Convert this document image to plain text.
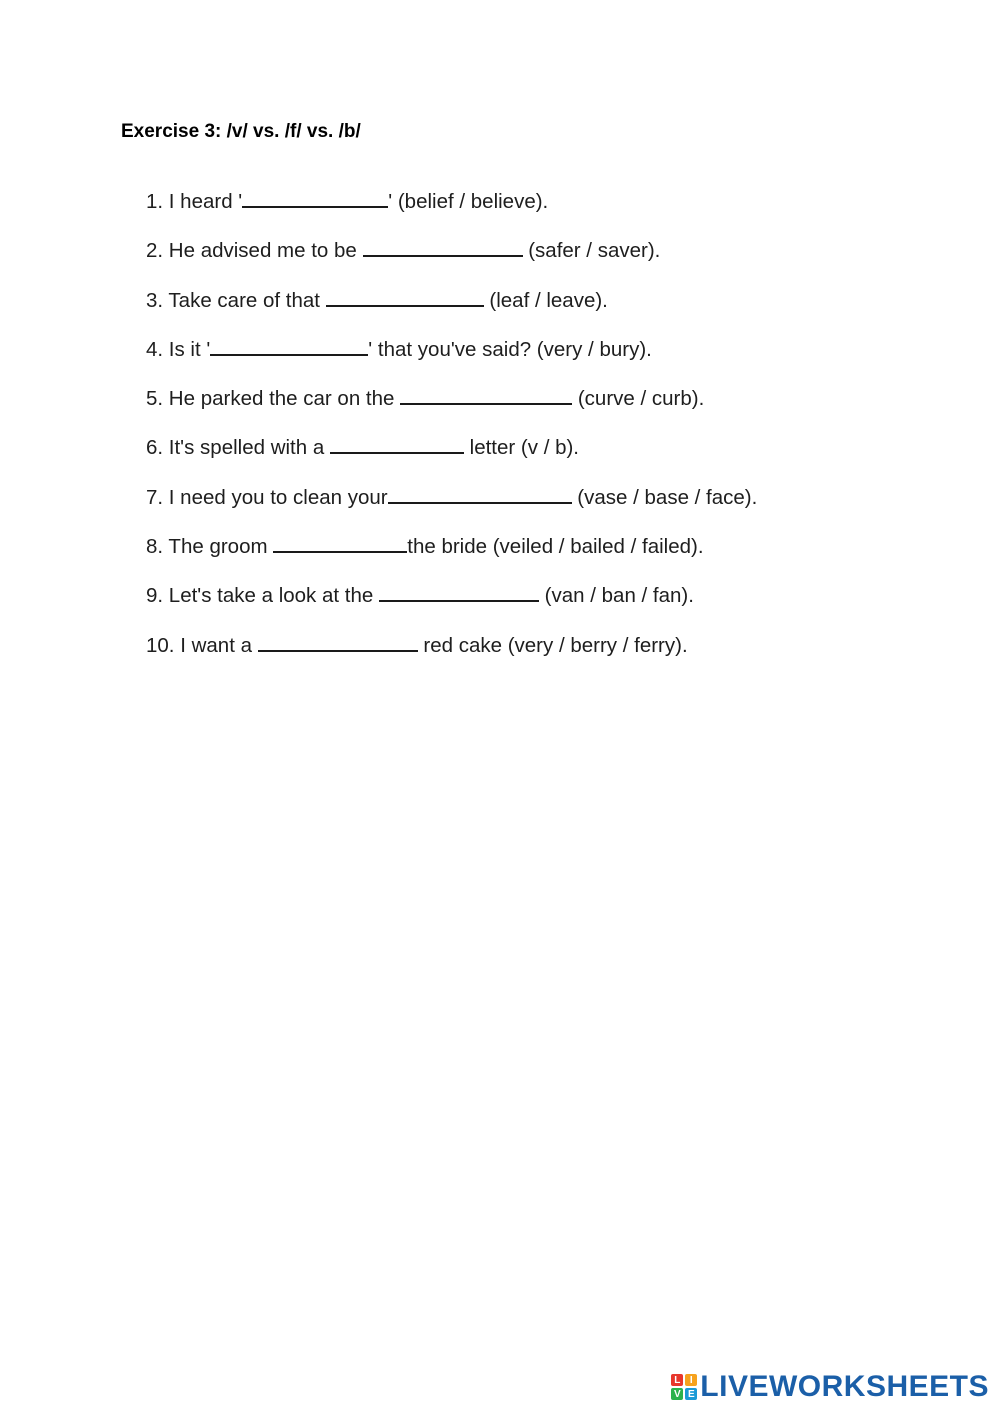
Exercise 3: /v/ vs. /f/ vs. /b/
1. I heard '	' (belief / believe).
2. He advised me to be	(safer / saver).
3. Take care of that	(leaf / leave).
4. Is it '	' that you've said? (very / bury).
5. He parked the car on the	(curve / curb).
6. It's spelled with a	letter (v / b).
7. I need you to clean your	(vase / base / face).
8. The groom	the bride (veiled / bailed / failed).
9. Let's take a look at the	(van / ban / fan).
10. I want a	red cake (very / berry / ferry).
L I
V E LIVEWORKSHEETS
